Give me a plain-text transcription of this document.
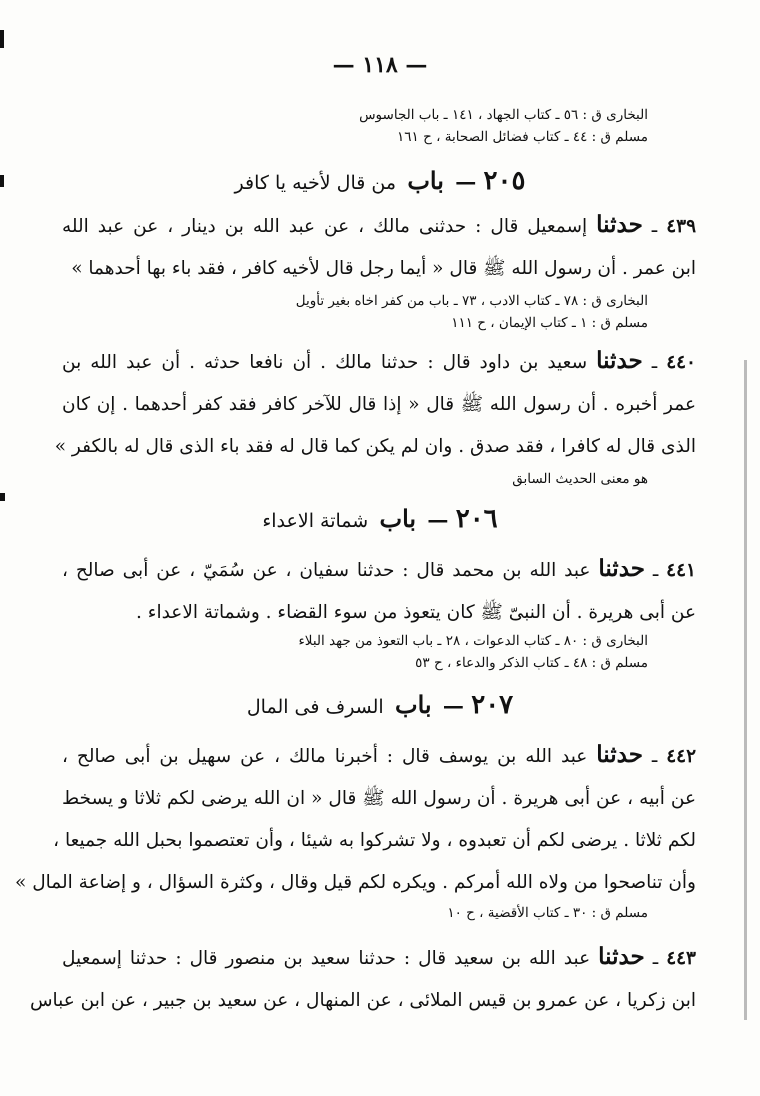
— ١١٨ —
البخارى ق : ٥٦ ـ كتاب الجهاد ، ١٤١ ـ باب الجاسوس
مسلم ق : ٤٤ ـ كتاب فضائل الصحابة ، ح ١٦١
٢٠٥ — باب من قال لأخيه يا كافر
٤٣٩ ـ حدثنا إسمعيل قال : حدثنى مالك ، عن عبد الله بن دينار ، عن عبد الله
ابن عمر . أن رسول الله ﷺ قال « أيما رجل قال لأخيه كافر ، فقد باء بها أحدهما »
البخارى ق : ٧٨ ـ كتاب الادب ، ٧٣ ـ باب من كفر اخاه بغير تأويل
مسلم ق : ١ ـ كتاب الإيمان ، ح ١١١
٤٤٠ ـ حدثنا سعيد بن داود قال : حدثنا مالك . أن نافعا حدثه . أن عبد الله بن
عمر أخبره . أن رسول الله ﷺ قال « إذا قال للآخر كافر فقد كفر أحدهما . إن كان
الذى قال له كافرا ، فقد صدق . وان لم يكن كما قال له فقد باء الذى قال له بالكفر »
هو معنى الحديث السابق
٢٠٦ — باب شماتة الاعداء
٤٤١ ـ حدثنا عبد الله بن محمد قال : حدثنا سفيان ، عن سُمَيّ ، عن أبى صالح ،
عن أبى هريرة . أن النبىّ ﷺ كان يتعوذ من سوء القضاء . وشماتة الاعداء .
البخارى ق : ٨٠ ـ كتاب الدعوات ، ٢٨ ـ باب التعوذ من جهد البلاء
مسلم ق : ٤٨ ـ كتاب الذكر والدعاء ، ح ٥٣
٢٠٧ — باب السرف فى المال
٤٤٢ ـ حدثنا عبد الله بن يوسف قال : أخبرنا مالك ، عن سهيل بن أبى صالح ،
عن أبيه ، عن أبى هريرة . أن رسول الله ﷺ قال « ان الله يرضى لكم ثلاثا و يسخط
لكم ثلاثا . يرضى لكم أن تعبدوه ، ولا تشركوا به شيئا ، وأن تعتصموا بحبل الله جميعا ،
وأن تناصحوا من ولاه الله أمركم . ويكره لكم قيل وقال ، وكثرة السؤال ، و إضاعة المال »
مسلم ق : ٣٠ ـ كتاب الأقضية ، ح ١٠
٤٤٣ ـ حدثنا عبد الله بن سعيد قال : حدثنا سعيد بن منصور قال : حدثنا إسمعيل
ابن زكريا ، عن عمرو بن قيس الملائى ، عن المنهال ، عن سعيد بن جبير ، عن ابن عباس
